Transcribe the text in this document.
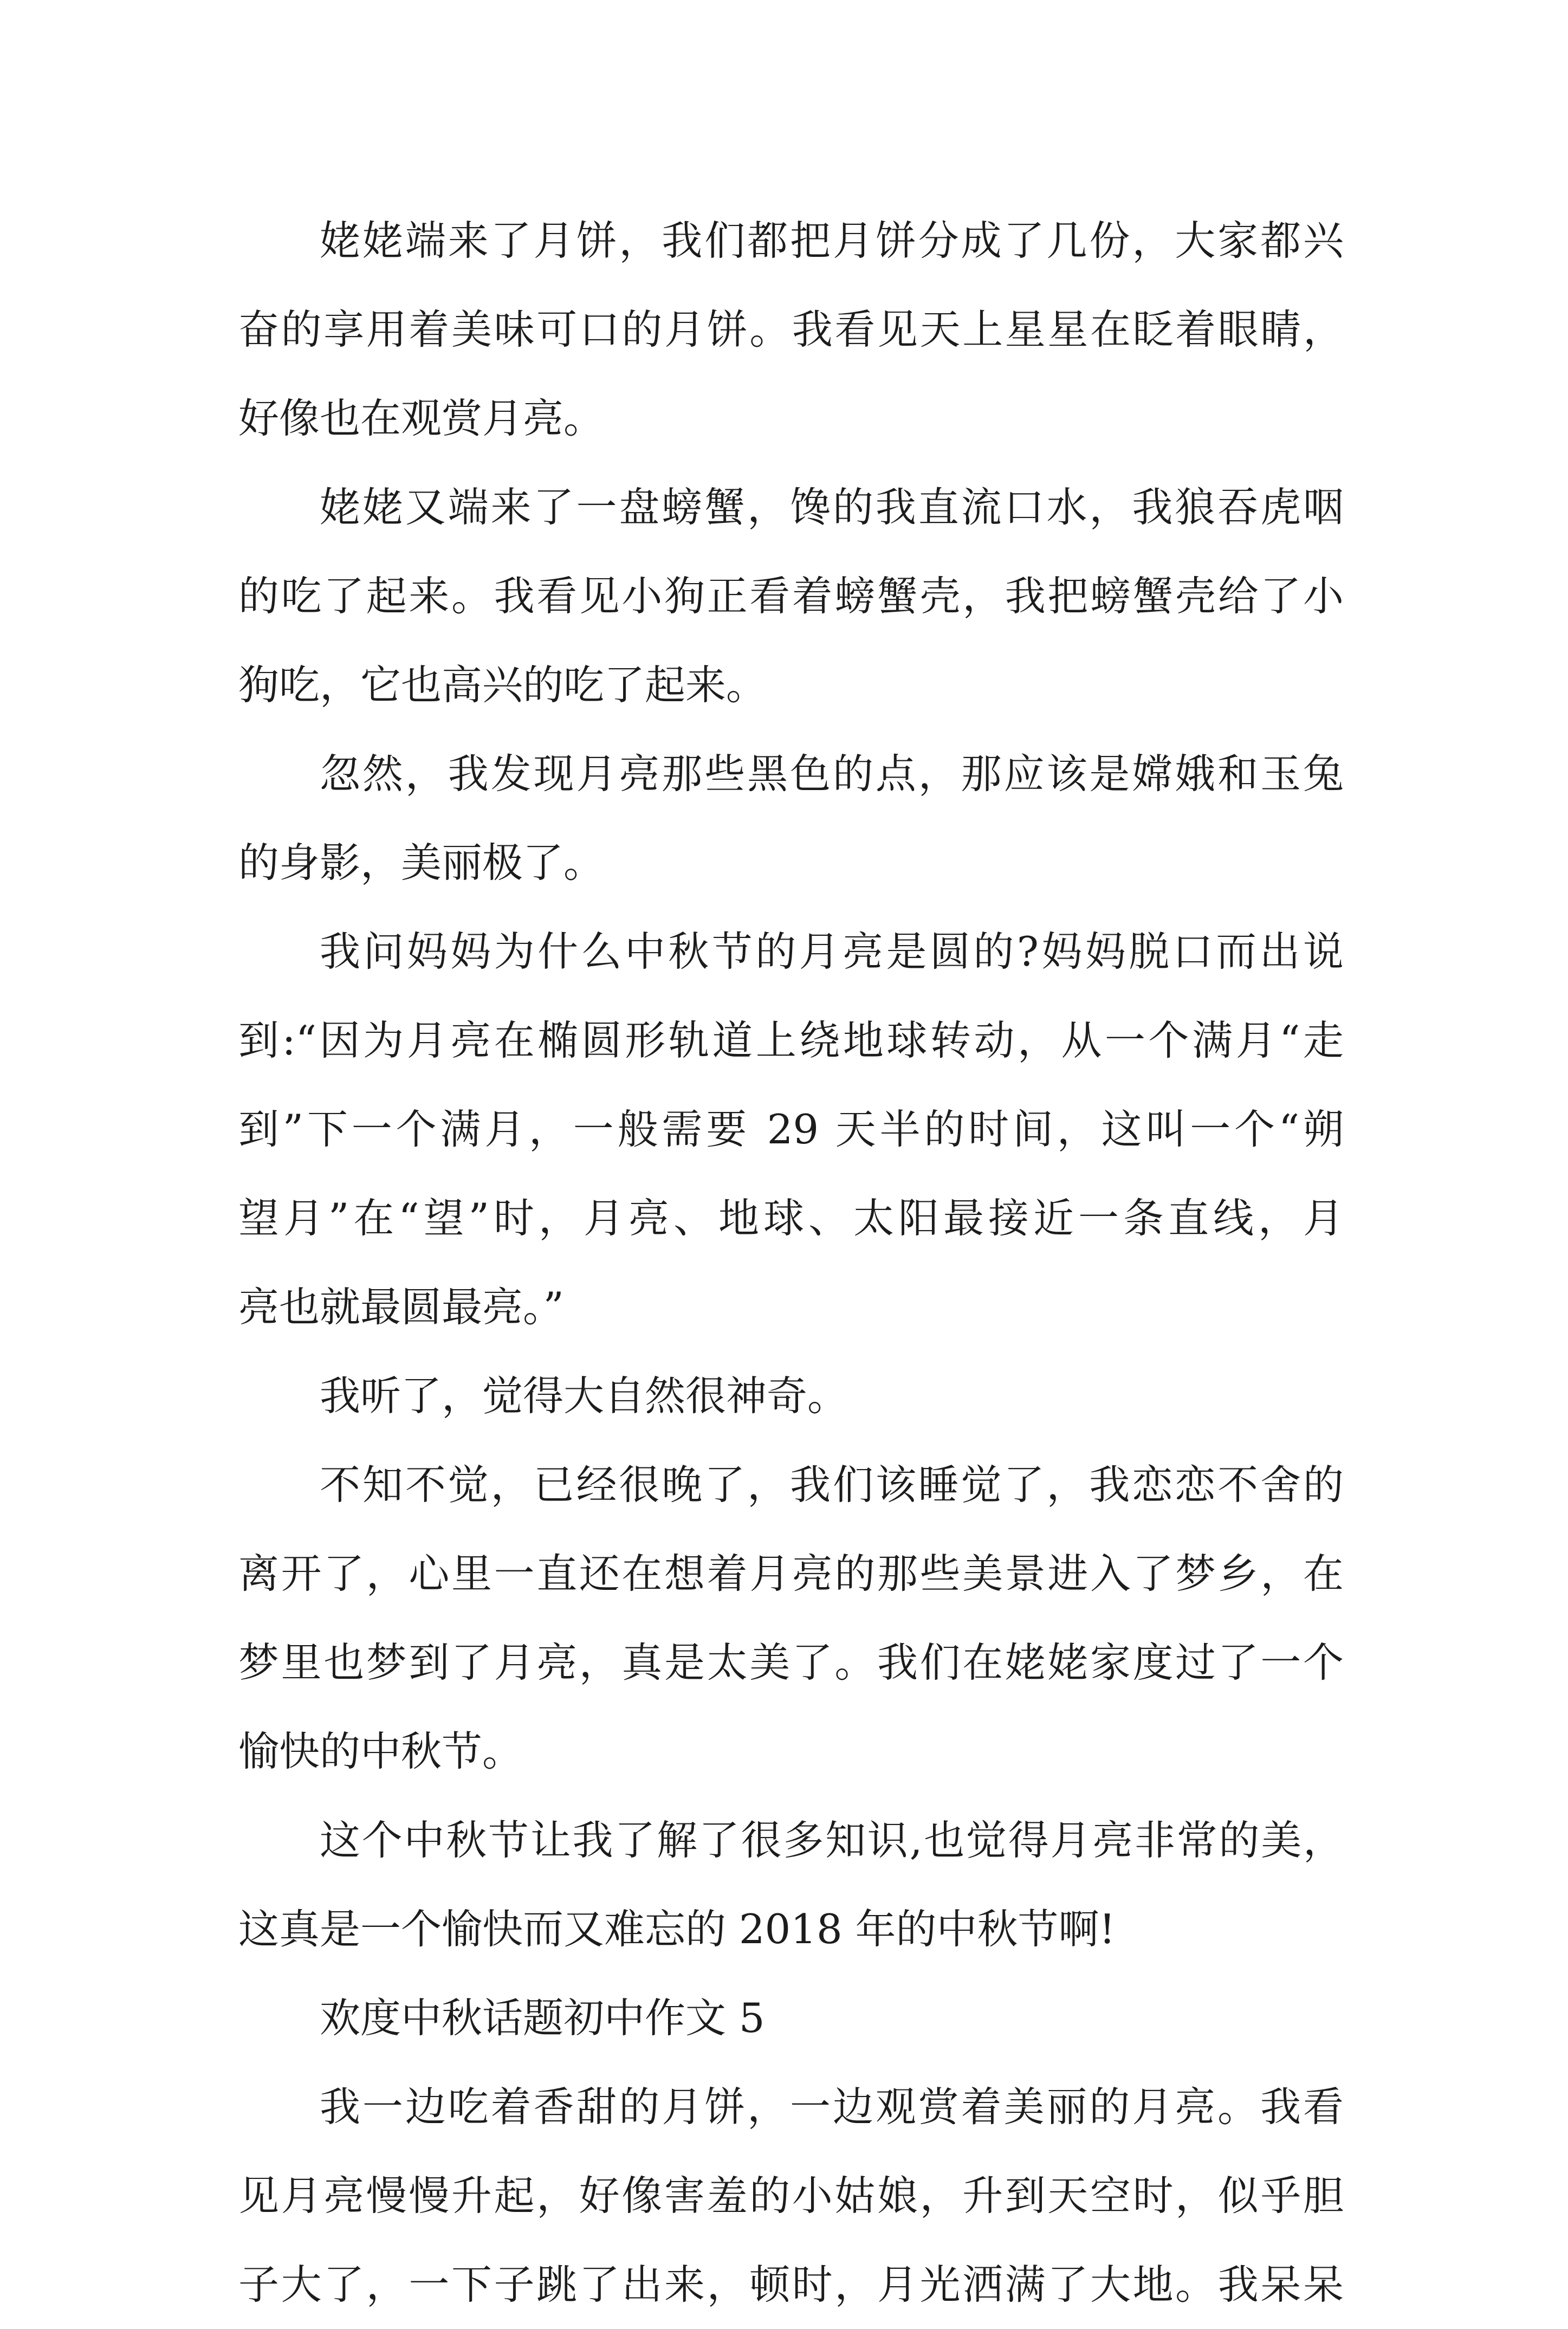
姥姥端来了月饼，我们都把月饼分成了几份，大家都兴
奋的享用着美味可口的月饼。我看见天上星星在眨着眼睛，
好像也在观赏月亮。
姥姥又端来了一盘螃蟹，馋的我直流口水，我狼吞虎咽
的吃了起来。我看见小狗正看着螃蟹壳，我把螃蟹壳给了小
狗吃，它也高兴的吃了起来。
忽然，我发现月亮那些黑色的点，那应该是嫦娥和玉兔
的身影，美丽极了。
我问妈妈为什么中秋节的月亮是圆的?妈妈脱口而出说
到:“因为月亮在椭圆形轨道上绕地球转动，从一个满月“走
到”下一个满月，一般需要 29 天半的时间，这叫一个“朔
望月”在“望”时，月亮、地球、太阳最接近一条直线，月
亮也就最圆最亮。”
我听了，觉得大自然很神奇。
不知不觉，已经很晚了，我们该睡觉了，我恋恋不舍的
离开了，心里一直还在想着月亮的那些美景进入了梦乡，在
梦里也梦到了月亮，真是太美了。我们在姥姥家度过了一个
愉快的中秋节。
这个中秋节让我了解了很多知识,也觉得月亮非常的美，
这真是一个愉快而又难忘的 2018 年的中秋节啊!
欢度中秋话题初中作文 5
我一边吃着香甜的月饼，一边观赏着美丽的月亮。我看
见月亮慢慢升起，好像害羞的小姑娘，升到天空时，似乎胆
子大了，一下子跳了出来，顿时，月光洒满了大地。我呆呆
